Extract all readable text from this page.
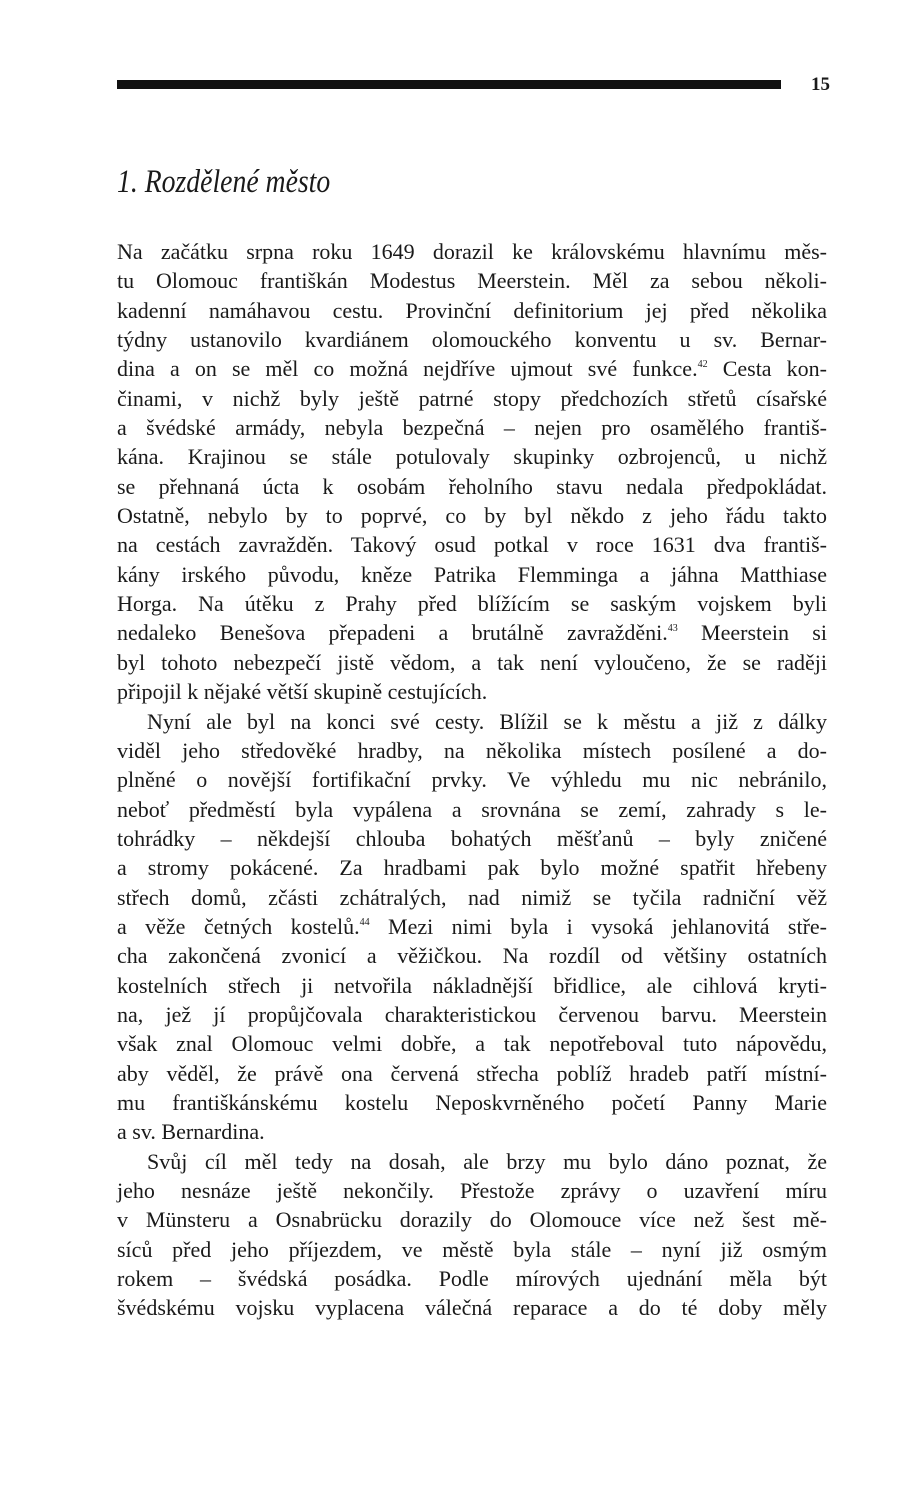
15
1. Rozdělené město
Na začátku srpna roku 1649 dorazil ke královskému hlavnímu měs-
tu Olomouc františkán Modestus Meerstein. Měl za sebou několi-
kadenní namáhavou cestu. Provinční definitorium jej před několika
týdny ustanovilo kvardiánem olomouckého konventu u sv. Bernar-
dina a on se měl co možná nejdříve ujmout své funkce.$^{42}$ Cesta kon-
činami, v nichž byly ještě patrné stopy předchozích střetů císařské
a švédské armády, nebyla bezpečná – nejen pro osamělého františ-
kána. Krajinou se stále potulovaly skupinky ozbrojenců, u nichž
se přehnaná úcta k osobám řeholního stavu nedala předpokládat.
Ostatně, nebylo by to poprvé, co by byl někdo z jeho řádu takto
na cestách zavražděn. Takový osud potkal v roce 1631 dva františ-
kány irského původu, kněze Patrika Flemminga a jáhna Matthiase
Horga. Na útěku z Prahy před blížícím se saským vojskem byli
nedaleko Benešova přepadeni a brutálně zavražděni.$^{43}$ Meerstein si
byl tohoto nebezpečí jistě vědom, a tak není vyloučeno, že se raději
připojil k nějaké větší skupině cestujících.
Nyní ale byl na konci své cesty. Blížil se k městu a již z dálky
viděl jeho středověké hradby, na několika místech posílené a do-
plněné o novější fortifikační prvky. Ve výhledu mu nic nebránilo,
neboť předměstí byla vypálena a srovnána se zemí, zahrady s le-
tohrádky – někdejší chlouba bohatých měšťanů – byly zničené
a stromy pokácené. Za hradbami pak bylo možné spatřit hřebeny
střech domů, zčásti zchátralých, nad nimiž se tyčila radniční věž
a věže četných kostelů.$^{44}$ Mezi nimi byla i vysoká jehlanovitá stře-
cha zakončená zvonicí a věžičkou. Na rozdíl od většiny ostatních
kostelních střech ji netvořila nákladnější břidlice, ale cihlová kryti-
na, jež jí propůjčovala charakteristickou červenou barvu. Meerstein
však znal Olomouc velmi dobře, a tak nepotřeboval tuto nápovědu,
aby věděl, že právě ona červená střecha poblíž hradeb patří místní-
mu františkánskému kostelu Neposkvrněného početí Panny Marie
a sv. Bernardina.
Svůj cíl měl tedy na dosah, ale brzy mu bylo dáno poznat, že
jeho nesnáze ještě nekončily. Přestože zprávy o uzavření míru
v Münsteru a Osnabrücku dorazily do Olomouce více než šest mě-
síců před jeho příjezdem, ve městě byla stále – nyní již osmým
rokem – švédská posádka. Podle mírových ujednání měla být
švédskému vojsku vyplacena válečná reparace a do té doby měly
